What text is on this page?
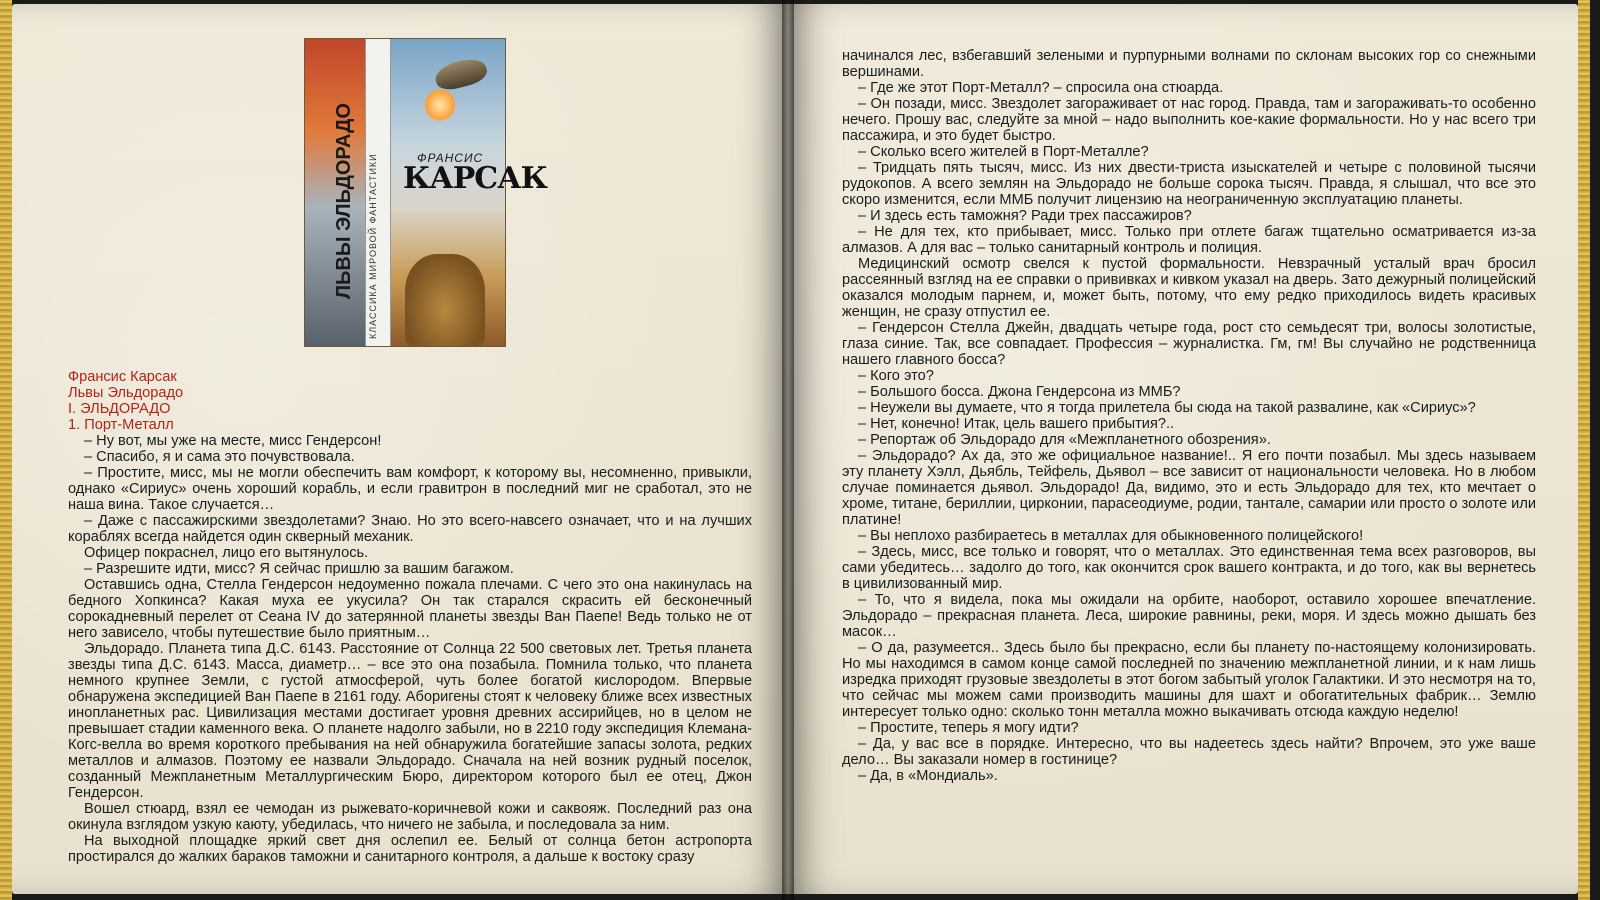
КЛАССИКА МИРОВОЙ ФАНТАСТИКИ
ЛЬВЫ ЭЛЬДОРАДО	ФРАНСИС
КАРСАК

Франсис Карсак

Львы Эльдорадо

I. ЭЛЬДОРАДО

1. Порт-Металл

– Ну вот, мы уже на месте, мисс Гендерсон!

– Спасибо, я и сама это почувствовала.

– Простите, мисс, мы не могли обеспечить вам комфорт, к которому вы, несомненно, привыкли, однако «Сириус» очень хороший корабль, и если гравитрон в последний миг не сработал, это не наша вина. Такое случается…

– Даже с пассажирскими звездолетами? Знаю. Но это всего-навсего означает, что и на лучших кораблях всегда найдется один скверный механик.

Офицер покраснел, лицо его вытянулось.

– Разрешите идти, мисс? Я сейчас пришлю за вашим багажом.

Оставшись одна, Стелла Гендерсон недоуменно пожала плечами. С чего это она накинулась на бедного Хопкинса? Какая муха ее укусила? Он так старался скрасить ей бесконечный сорокадневный перелет от Сеана IV до затерянной планеты звезды Ван Паепе! Ведь только не от него зависело, чтобы путешествие было приятным…

Эльдорадо. Планета типа Д.С. 6143. Расстояние от Солнца 22 500 световых лет. Третья планета звезды типа Д.С. 6143. Масса, диаметр… – все это она позабыла. Помнила только, что планета немного крупнее Земли, с густой атмосферой, чуть более богатой кислородом. Впервые обнаружена экспедицией Ван Паепе в 2161 году. Аборигены стоят к человеку ближе всех известных инопланетных рас. Цивилизация местами достигает уровня древних ассирийцев, но в целом не превышает стадии каменного века. О планете надолго забыли, но в 2210 году экспедиция Клемана-Когс-велла во время короткого пребывания на ней обнаружила богатейшие запасы золота, редких металлов и алмазов. Поэтому ее назвали Эльдорадо. Сначала на ней возник рудный поселок, созданный Межпланетным Металлургическим Бюро, директором которого был ее отец, Джон Гендерсон.

Вошел стюард, взял ее чемодан из рыжевато-коричневой кожи и саквояж. Последний раз она окинула взглядом узкую каюту, убедилась, что ничего не забыла, и последовала за ним.

На выходной площадке яркий свет дня ослепил ее. Белый от солнца бетон астропорта простирался до жалких бараков таможни и санитарного контроля, а дальше к востоку сразу

начинался лес, взбегавший зелеными и пурпурными волнами по склонам высоких гор со снежными вершинами.

– Где же этот Порт-Металл? – спросила она стюарда.

– Он позади, мисс. Звездолет загораживает от нас город. Правда, там и загораживать-то особенно нечего. Прошу вас, следуйте за мной – надо выполнить кое-какие формальности. Но у нас всего три пассажира, и это будет быстро.

– Сколько всего жителей в Порт-Металле?

– Тридцать пять тысяч, мисс. Из них двести-триста изыскателей и четыре с половиной тысячи рудокопов. А всего землян на Эльдорадо не больше сорока тысяч. Правда, я слышал, что все это скоро изменится, если ММБ получит лицензию на неограниченную эксплуатацию планеты.

– И здесь есть таможня? Ради трех пассажиров?

– Не для тех, кто прибывает, мисс. Только при отлете багаж тщательно осматривается из-за алмазов. А для вас – только санитарный контроль и полиция.

Медицинский осмотр свелся к пустой формальности. Невзрачный усталый врач бросил рассеянный взгляд на ее справки о прививках и кивком указал на дверь. Зато дежурный полицейский оказался молодым парнем, и, может быть, потому, что ему редко приходилось видеть красивых женщин, не сразу отпустил ее.

– Гендерсон Стелла Джейн, двадцать четыре года, рост сто семьдесят три, волосы золотистые, глаза синие. Так, все совпадает. Профессия – журналистка. Гм, гм! Вы случайно не родственница нашего главного босса?

– Кого это?

– Большого босса. Джона Гендерсона из ММБ?

– Неужели вы думаете, что я тогда прилетела бы сюда на такой развалине, как «Сириус»?

– Нет, конечно! Итак, цель вашего прибытия?..

– Репортаж об Эльдорадо для «Межпланетного обозрения».

– Эльдорадо? Ах да, это же официальное название!.. Я его почти позабыл. Мы здесь называем эту планету Хэлл, Дьябль, Тейфель, Дьявол – все зависит от национальности человека. Но в любом случае поминается дьявол. Эльдорадо! Да, видимо, это и есть Эльдорадо для тех, кто мечтает о хроме, титане, бериллии, цирконии, парасеодиуме, родии, тантале, самарии или просто о золоте или платине!

– Вы неплохо разбираетесь в металлах для обыкновенного полицейского!

– Здесь, мисс, все только и говорят, что о металлах. Это единственная тема всех разговоров, вы сами убедитесь… задолго до того, как окончится срок вашего контракта, и до того, как вы вернетесь в цивилизованный мир.

– То, что я видела, пока мы ожидали на орбите, наоборот, оставило хорошее впечатление. Эльдорадо – прекрасная планета. Леса, широкие равнины, реки, моря. И здесь можно дышать без масок…

– О да, разумеется.. Здесь было бы прекрасно, если бы планету по-настоящему колонизировать. Но мы находимся в самом конце самой последней по значению межпланетной линии, и к нам лишь изредка приходят грузовые звездолеты в этот богом забытый уголок Галактики. И это несмотря на то, что сейчас мы можем сами производить машины для шахт и обогатительных фабрик… Землю интересует только одно: сколько тонн металла можно выкачивать отсюда каждую неделю!

– Простите, теперь я могу идти?

– Да, у вас все в порядке. Интересно, что вы надеетесь здесь найти? Впрочем, это уже ваше дело… Вы заказали номер в гостинице?

– Да, в «Мондиаль».
